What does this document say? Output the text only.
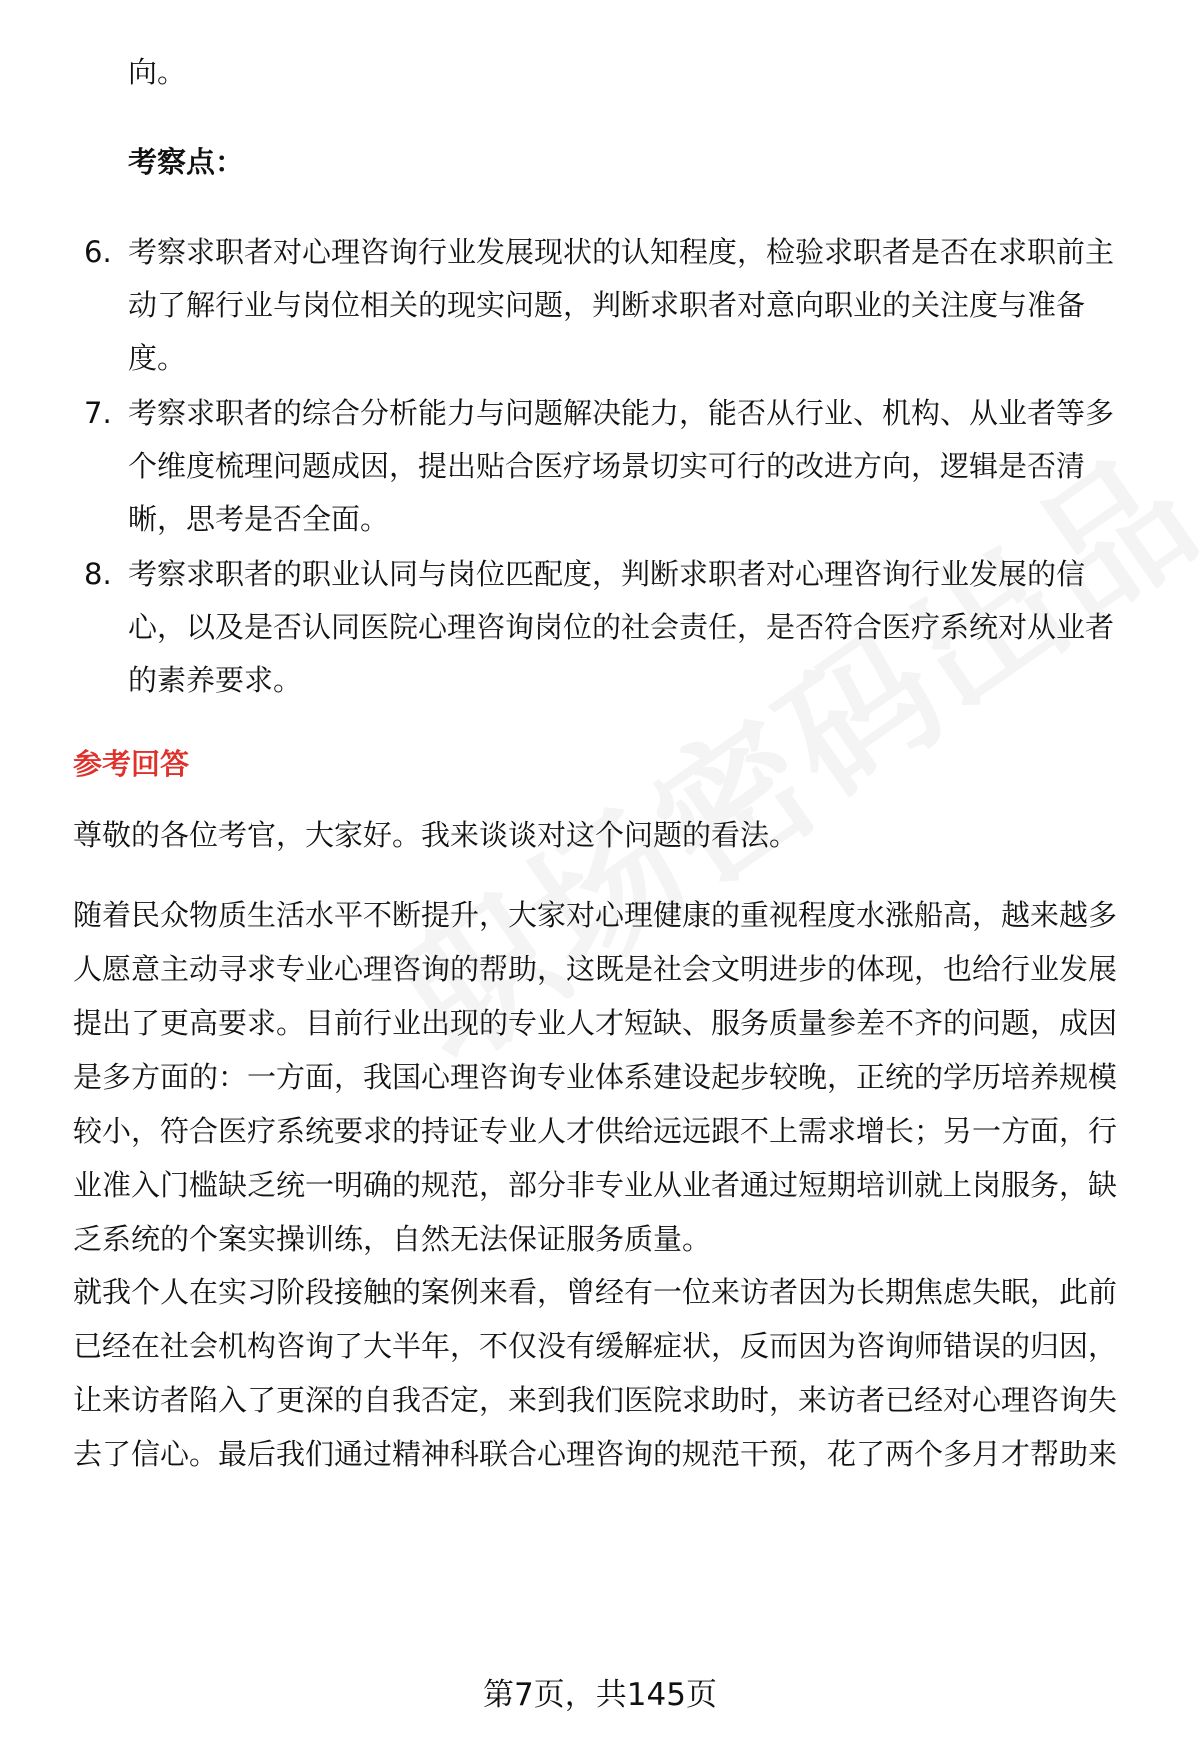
向。
考察点：
6. 考察求职者对心理咨询行业发展现状的认知程度，检验求职者是否在求职前主
动了解行业与岗位相关的现实问题，判断求职者对意向职业的关注度与准备
度。
7. 考察求职者的综合分析能力与问题解决能力，能否从行业、机构、从业者等多
个维度梳理问题成因，提出贴合医疗场景切实可行的改进方向，逻辑是否清
晰，思考是否全面。
8. 考察求职者的职业认同与岗位匹配度，判断求职者对心理咨询行业发展的信
心，以及是否认同医院心理咨询岗位的社会责任，是否符合医疗系统对从业者
的素养要求。
参考回答
尊敬的各位考官，大家好。我来谈谈对这个问题的看法。
随着民众物质生活水平不断提升，大家对心理健康的重视程度水涨船高，越来越多
人愿意主动寻求专业心理咨询的帮助，这既是社会文明进步的体现，也给行业发展
提出了更高要求。目前行业出现的专业人才短缺、服务质量参差不齐的问题，成因
是多方面的：一方面，我国心理咨询专业体系建设起步较晚，正统的学历培养规模
较小，符合医疗系统要求的持证专业人才供给远远跟不上需求增长；另一方面，行
业准入门槛缺乏统一明确的规范，部分非专业从业者通过短期培训就上岗服务，缺
乏系统的个案实操训练，自然无法保证服务质量。
就我个人在实习阶段接触的案例来看，曾经有一位来访者因为长期焦虑失眠，此前
已经在社会机构咨询了大半年，不仅没有缓解症状，反而因为咨询师错误的归因，
让来访者陷入了更深的自我否定，来到我们医院求助时，来访者已经对心理咨询失
去了信心。最后我们通过精神科联合心理咨询的规范干预，花了两个多月才帮助来
第7页，共145页
